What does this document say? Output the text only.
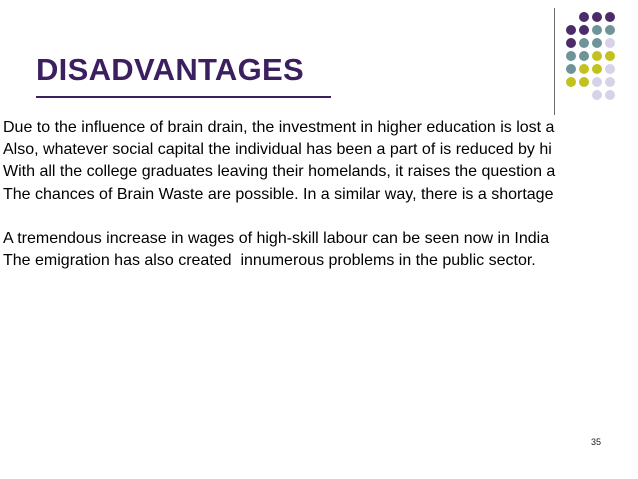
DISADVANTAGES
Due to the influence of brain drain, the investment in higher education is lost a
Also, whatever social capital the individual has been a part of is reduced by hi
With all the college graduates leaving their homelands, it raises the question a
The chances of Brain Waste are possible. In a similar way, there is a shortage
A tremendous increase in wages of high-skill labour can be seen now in India
The emigration has also created  innumerous problems in the public sector.
35
